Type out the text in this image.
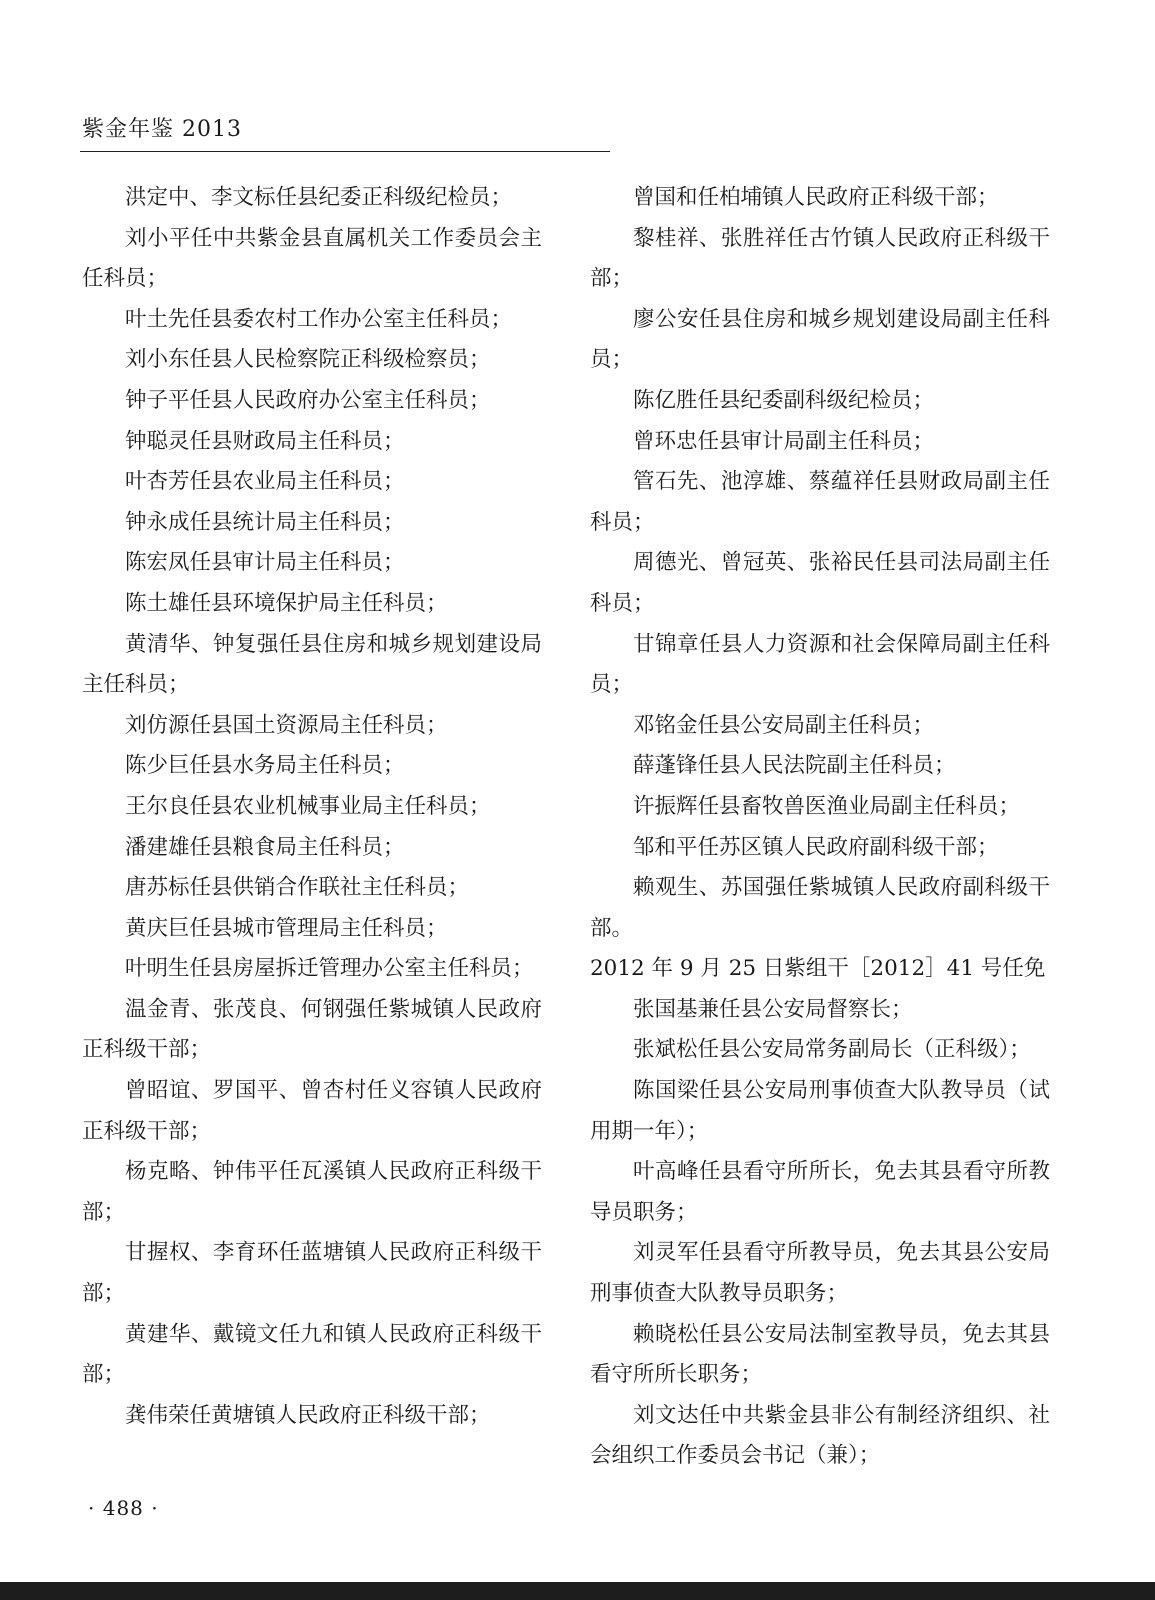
紫金年鉴 2013

洪定中、李文标任县纪委正科级纪检员；

刘小平任中共紫金县直属机关工作委员会主任科员；

叶土先任县委农村工作办公室主任科员；

刘小东任县人民检察院正科级检察员；

钟子平任县人民政府办公室主任科员；

钟聪灵任县财政局主任科员；

叶杏芳任县农业局主任科员；

钟永成任县统计局主任科员；

陈宏凤任县审计局主任科员；

陈土雄任县环境保护局主任科员；

黄清华、钟复强任县住房和城乡规划建设局主任科员；

刘仿源任县国土资源局主任科员；

陈少巨任县水务局主任科员；

王尔良任县农业机械事业局主任科员；

潘建雄任县粮食局主任科员；

唐苏标任县供销合作联社主任科员；

黄庆巨任县城市管理局主任科员；

叶明生任县房屋拆迁管理办公室主任科员；

温金青、张茂良、何钢强任紫城镇人民政府正科级干部；

曾昭谊、罗国平、曾杏村任义容镇人民政府正科级干部；

杨克略、钟伟平任瓦溪镇人民政府正科级干部；

甘握权、李育环任蓝塘镇人民政府正科级干部；

黄建华、戴镜文任九和镇人民政府正科级干部；

龚伟荣任黄塘镇人民政府正科级干部；

曾国和任柏埔镇人民政府正科级干部；

黎桂祥、张胜祥任古竹镇人民政府正科级干部；

廖公安任县住房和城乡规划建设局副主任科员；

陈亿胜任县纪委副科级纪检员；

曾环忠任县审计局副主任科员；

管石先、池淳雄、蔡蕴祥任县财政局副主任科员；

周德光、曾冠英、张裕民任县司法局副主任科员；

甘锦章任县人力资源和社会保障局副主任科员；

邓铭金任县公安局副主任科员；

薛蓬锋任县人民法院副主任科员；

许振辉任县畜牧兽医渔业局副主任科员；

邹和平任苏区镇人民政府副科级干部；

赖观生、苏国强任紫城镇人民政府副科级干部。

2012 年 9 月 25 日紫组干［2012］41 号任免

张国基兼任县公安局督察长；

张斌松任县公安局常务副局长（正科级）；

陈国梁任县公安局刑事侦查大队教导员（试用期一年）；

叶高峰任县看守所所长，免去其县看守所教导员职务；

刘灵军任县看守所教导员，免去其县公安局刑事侦查大队教导员职务；

赖晓松任县公安局法制室教导员，免去其县看守所所长职务；

刘文达任中共紫金县非公有制经济组织、社会组织工作委员会书记（兼）；

· 488 ·
